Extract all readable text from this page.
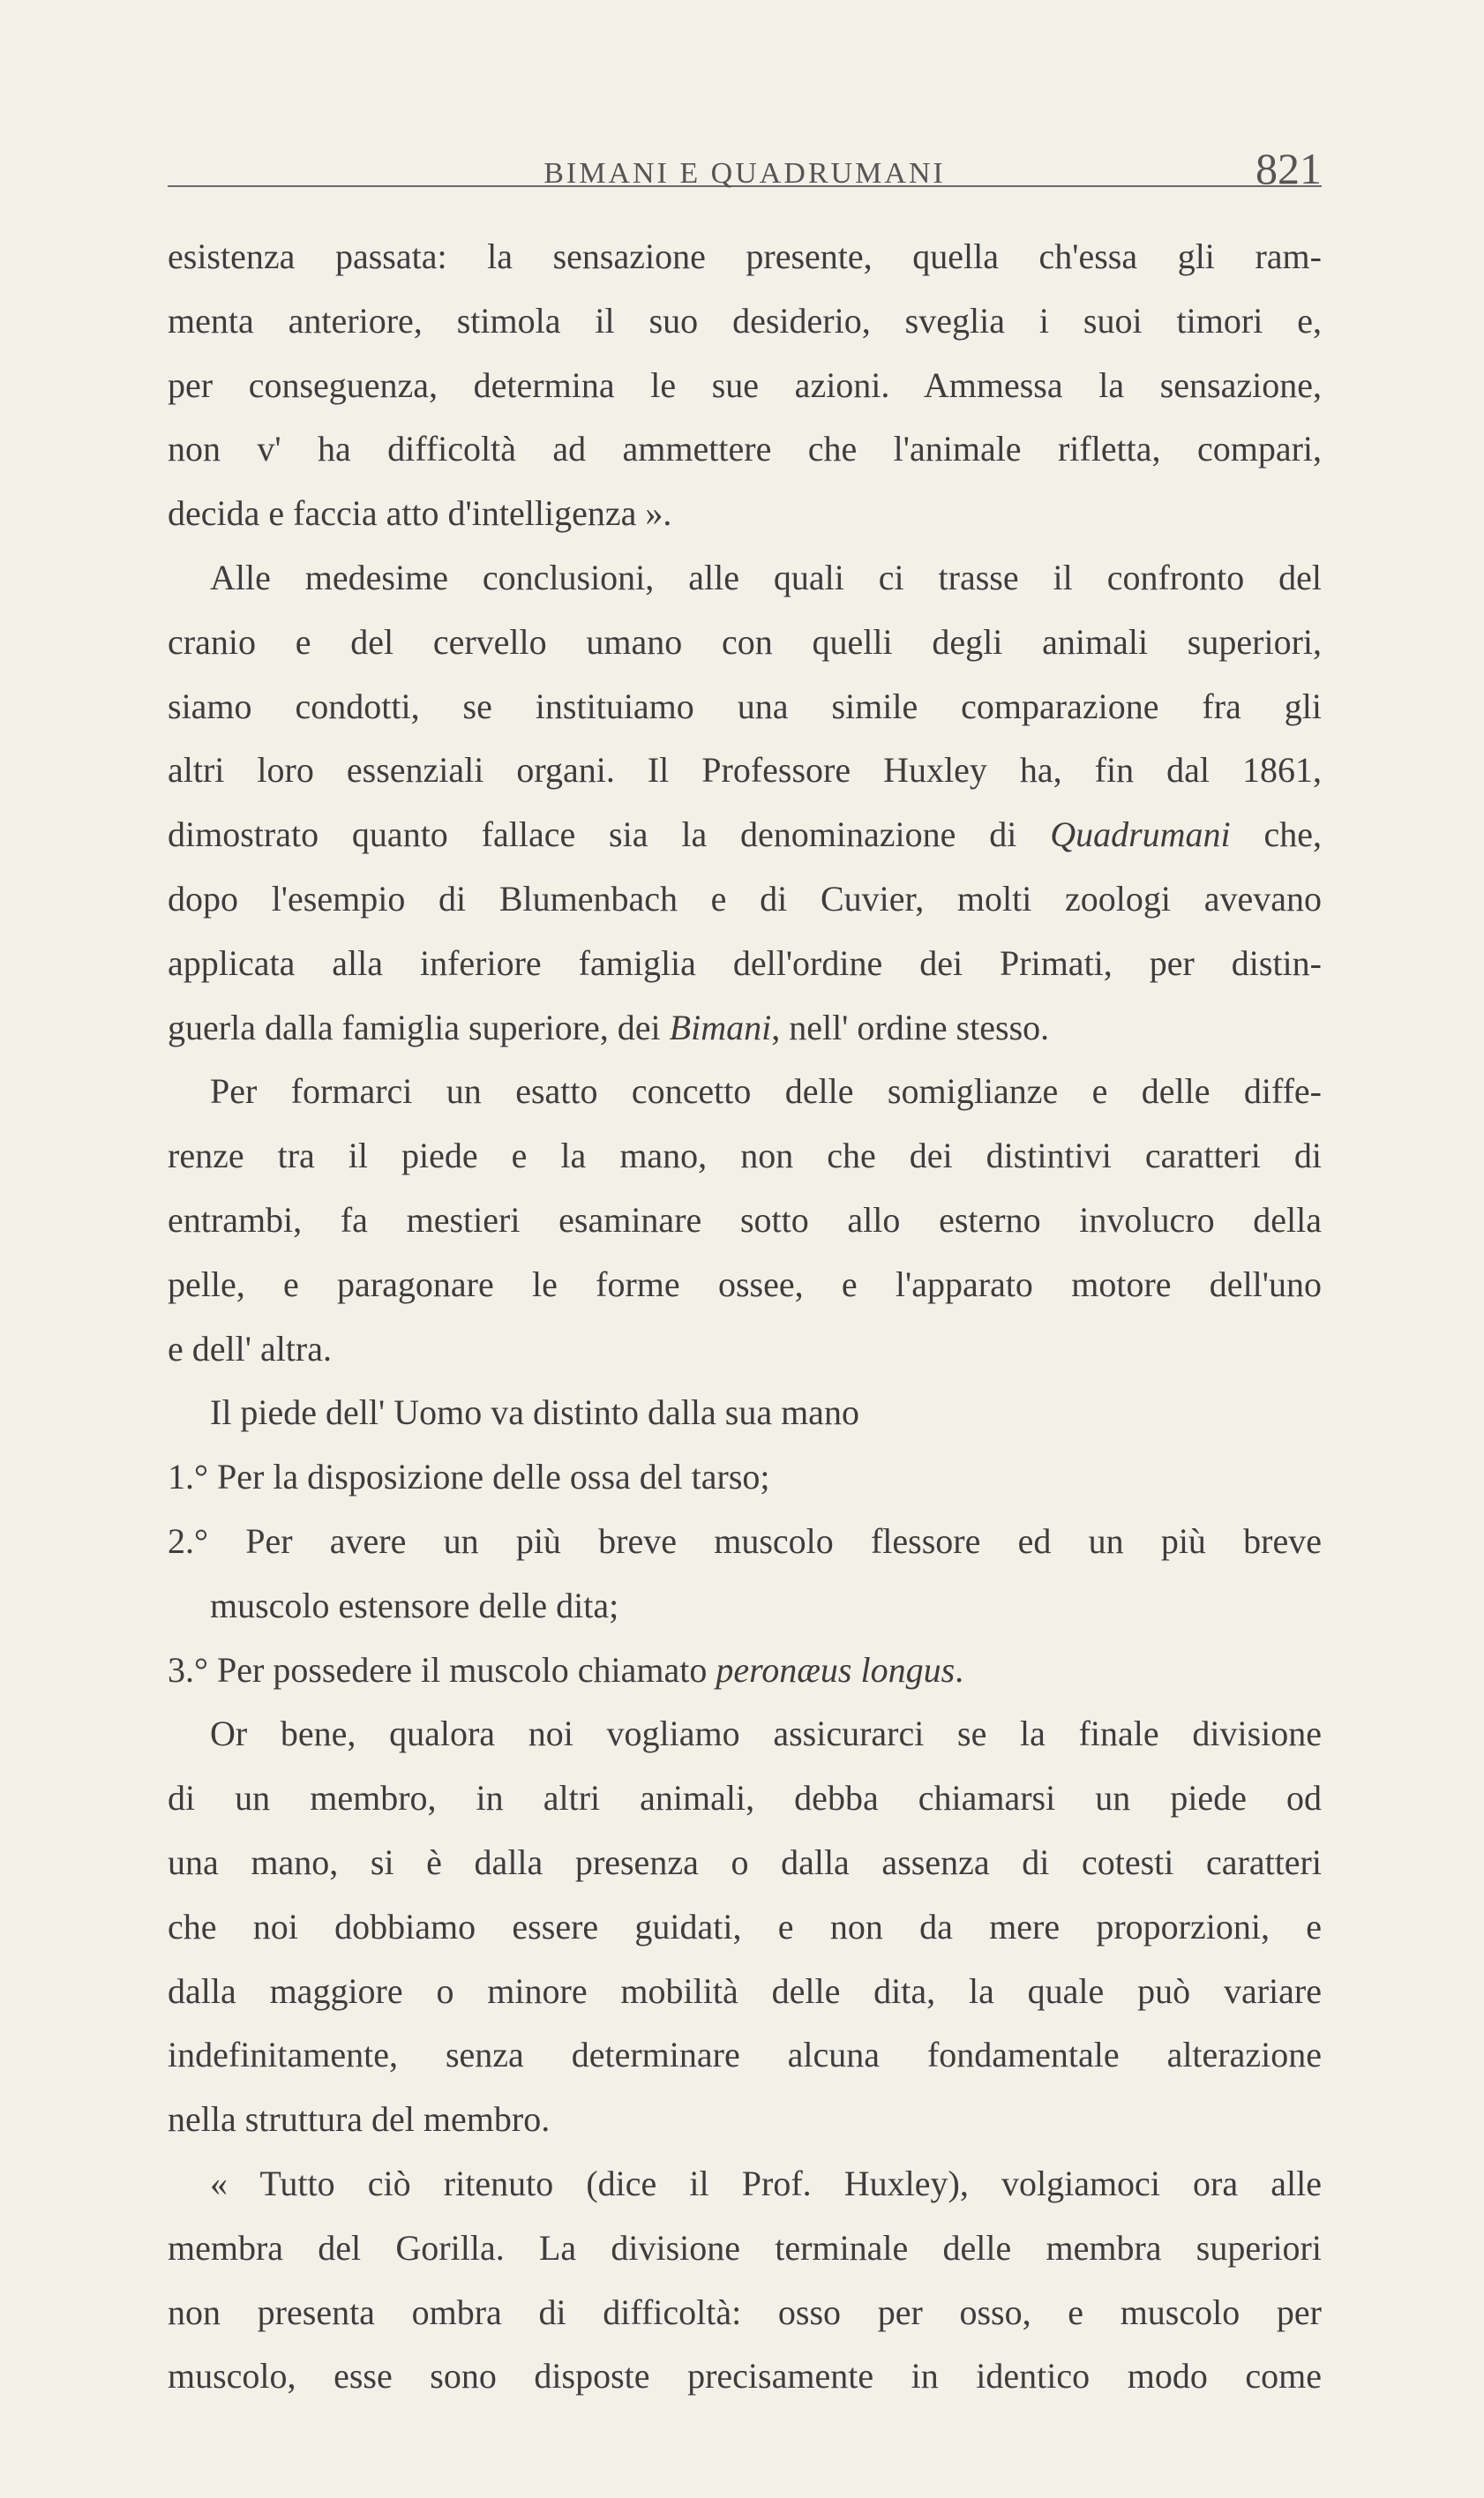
BIMANI E QUADRUMANI	821
esistenza passata: la sensazione presente, quella ch'essa gli ram-
menta anteriore, stimola il suo desiderio, sveglia i suoi timori e,
per conseguenza, determina le sue azioni. Ammessa la sensazione,
non v' ha difficoltà ad ammettere che l'animale rifletta, compari,
decida e faccia atto d'intelligenza ».
Alle medesime conclusioni, alle quali ci trasse il confronto del
cranio e del cervello umano con quelli degli animali superiori,
siamo condotti, se instituiamo una simile comparazione fra gli
altri loro essenziali organi. Il Professore Huxley ha, fin dal 1861,
dimostrato quanto fallace sia la denominazione di Quadrumani che,
dopo l'esempio di Blumenbach e di Cuvier, molti zoologi avevano
applicata alla inferiore famiglia dell'ordine dei Primati, per distin-
guerla dalla famiglia superiore, dei Bimani, nell' ordine stesso.
Per formarci un esatto concetto delle somiglianze e delle diffe-
renze tra il piede e la mano, non che dei distintivi caratteri di
entrambi, fa mestieri esaminare sotto allo esterno involucro della
pelle, e paragonare le forme ossee, e l'apparato motore dell'uno
e dell' altra.
Il piede dell' Uomo va distinto dalla sua mano
1.° Per la disposizione delle ossa del tarso;
2.° Per avere un più breve muscolo flessore ed un più breve
muscolo estensore delle dita;
3.° Per possedere il muscolo chiamato peronæus longus.
Or bene, qualora noi vogliamo assicurarci se la finale divisione
di un membro, in altri animali, debba chiamarsi un piede od
una mano, si è dalla presenza o dalla assenza di cotesti caratteri
che noi dobbiamo essere guidati, e non da mere proporzioni, e
dalla maggiore o minore mobilità delle dita, la quale può variare
indefinitamente, senza determinare alcuna fondamentale alterazione
nella struttura del membro.
« Tutto ciò ritenuto (dice il Prof. Huxley), volgiamoci ora alle
membra del Gorilla. La divisione terminale delle membra superiori
non presenta ombra di difficoltà: osso per osso, e muscolo per
muscolo, esse sono disposte precisamente in identico modo come
